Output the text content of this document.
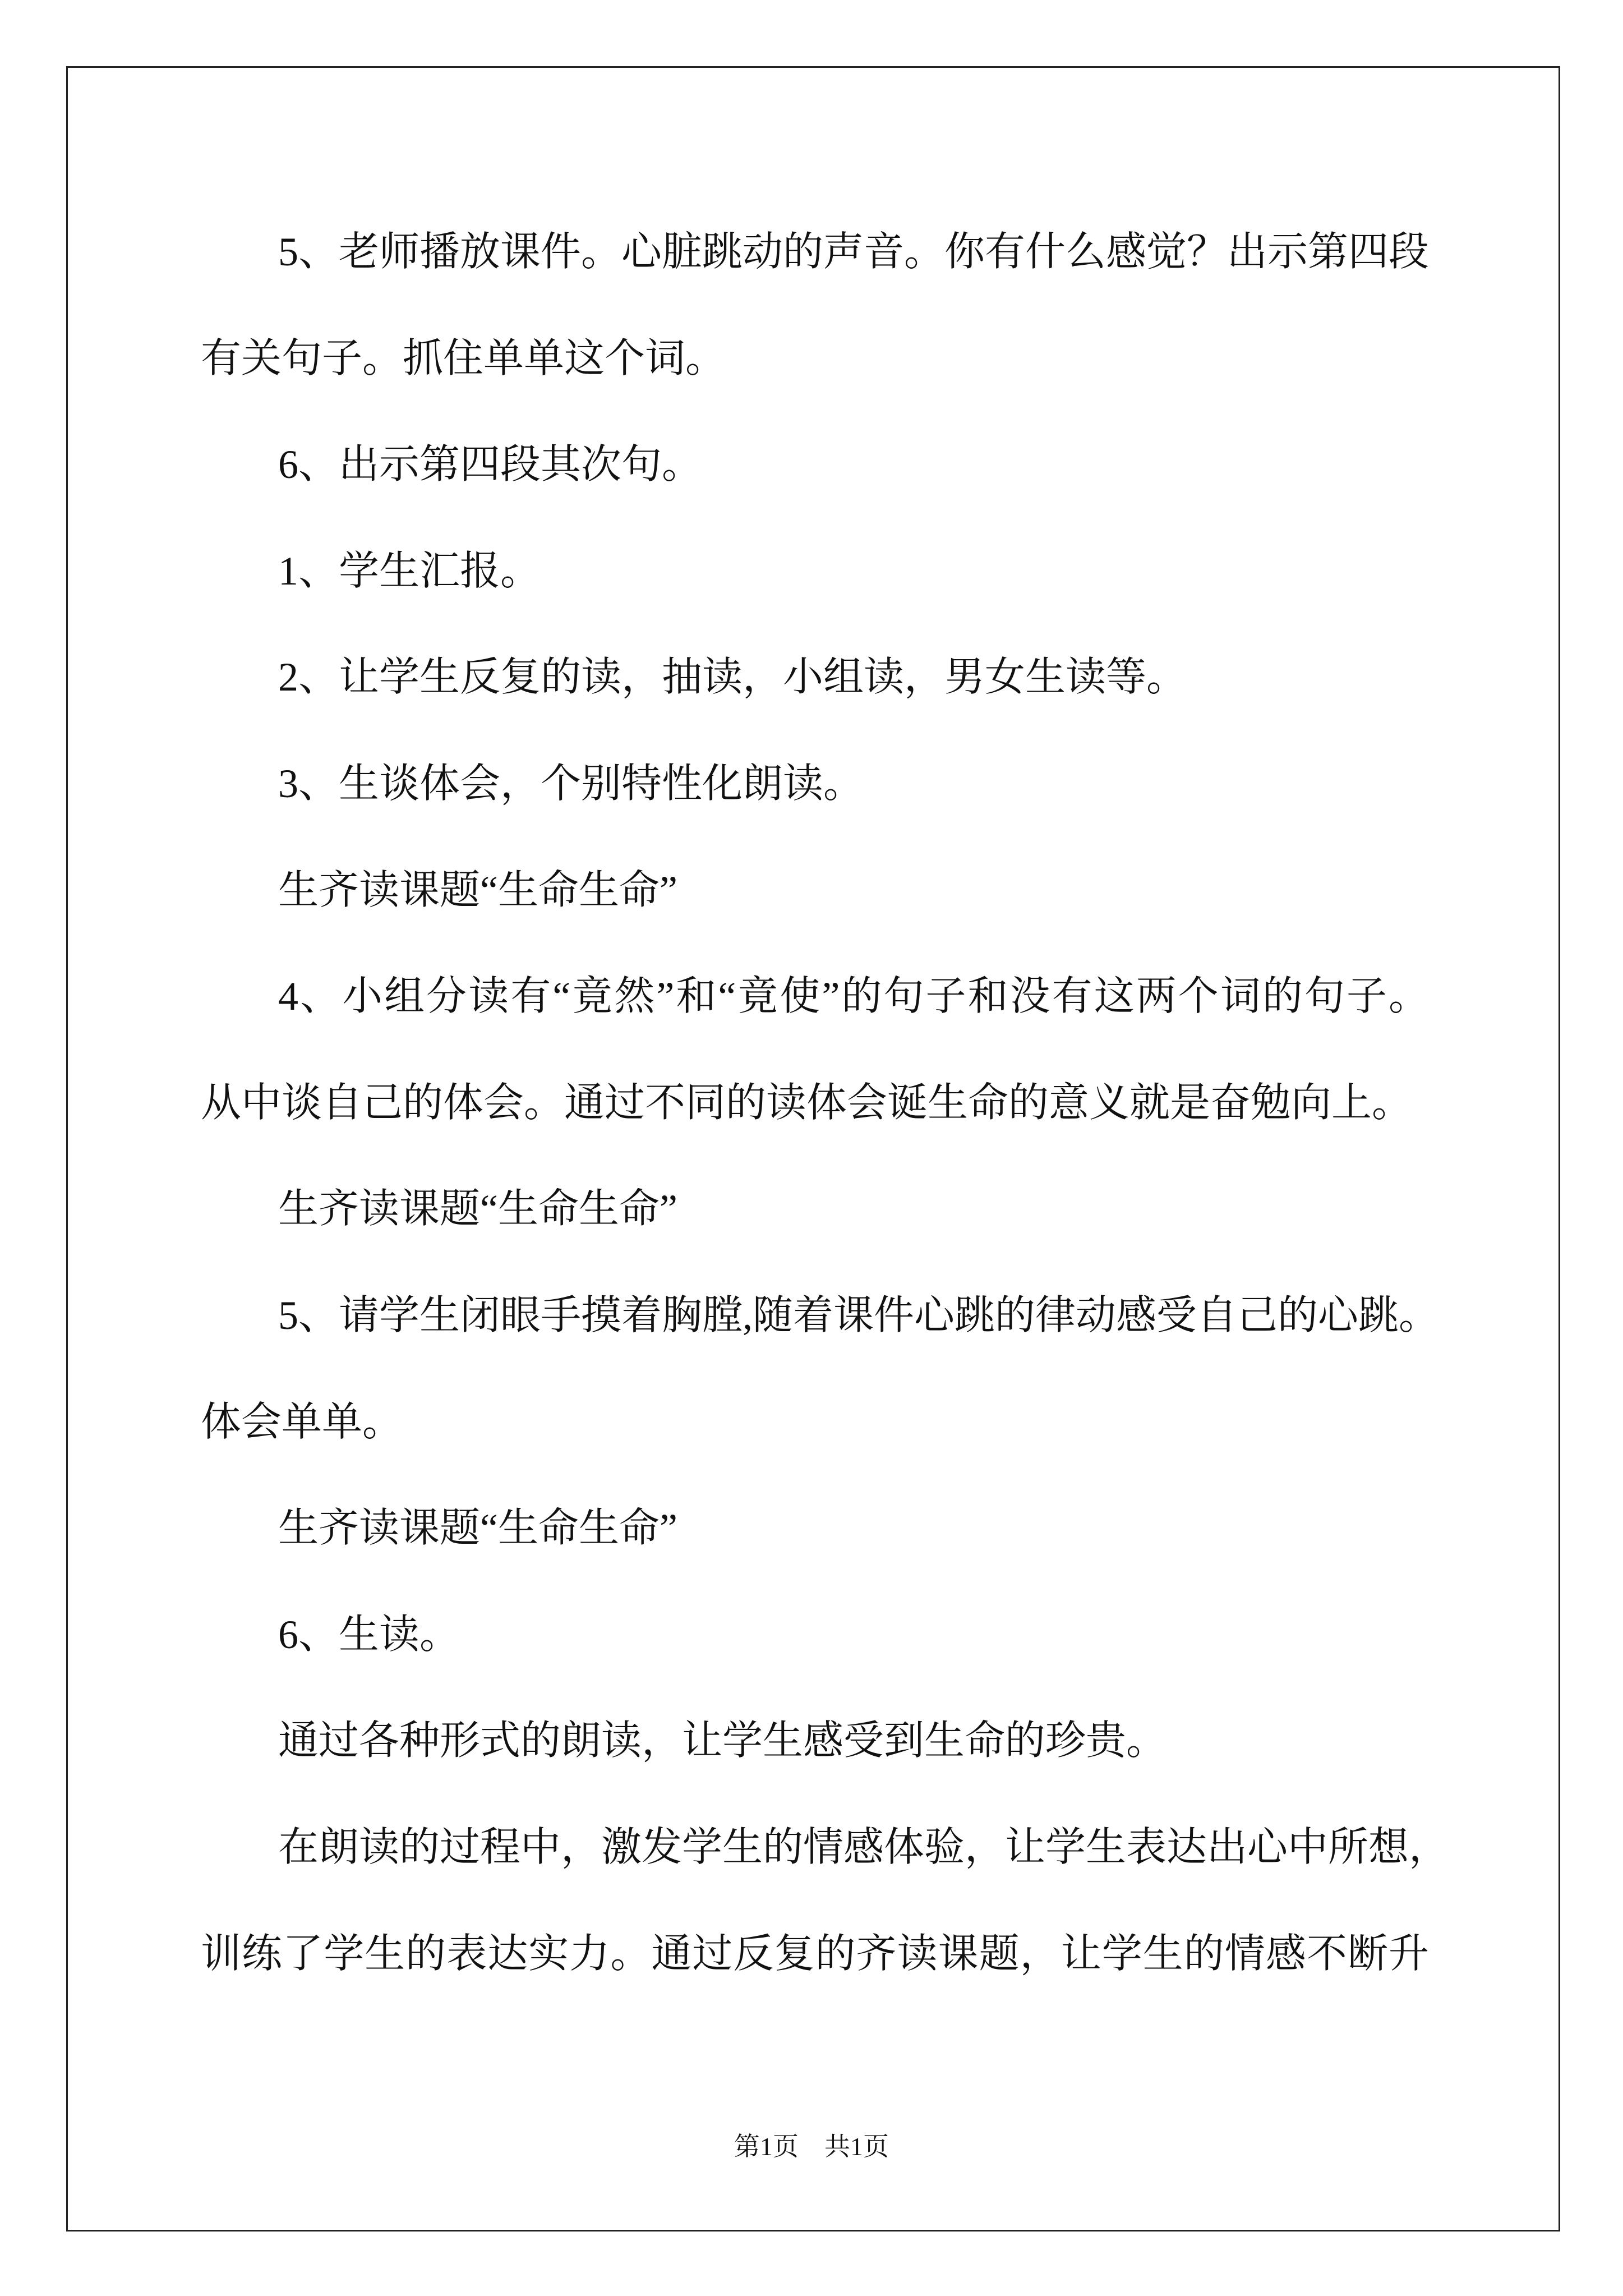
5、老师播放课件。心脏跳动的声音。你有什么感觉？出示第四段
有关句子。抓住单单这个词。
6、出示第四段其次句。
1、学生汇报。
2、让学生反复的读，抽读，小组读，男女生读等。
3、生谈体会，个别特性化朗读。
生齐读课题“生命生命”
4、小组分读有“竟然”和“竟使”的句子和没有这两个词的句子。
从中谈自己的体会。通过不同的读体会诞生命的意义就是奋勉向上。
生齐读课题“生命生命”
5、请学生闭眼手摸着胸膛,随着课件心跳的律动感受自己的心跳。
体会单单。
生齐读课题“生命生命”
6、生读。
通过各种形式的朗读，让学生感受到生命的珍贵。
在朗读的过程中，激发学生的情感体验，让学生表达出心中所想，
训练了学生的表达实力。通过反复的齐读课题，让学生的情感不断升
第1页 共1页
